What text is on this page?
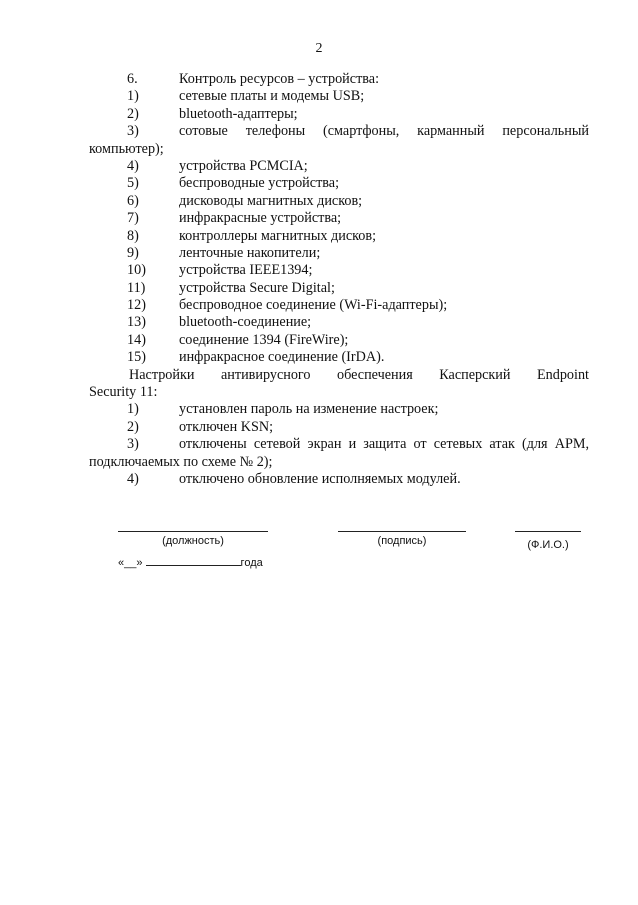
2
6.	Контроль ресурсов – устройства:
1)	сетевые платы и модемы USB;
2)	bluetooth-адаптеры;
3)	сотовые телефоны (смартфоны, карманный персональный
компьютер);
4)	устройства PCMCIA;
5)	беспроводные устройства;
6)	дисководы магнитных дисков;
7)	инфракрасные устройства;
8)	контроллеры магнитных дисков;
9)	ленточные накопители;
10)	устройства IEEE1394;
11)	устройства Secure Digital;
12)	беспроводное соединение (Wi-Fi-адаптеры);
13)	bluetooth-соединение;
14)	соединение 1394 (FireWire);
15)	инфракрасное соединение (IrDA).
Настройки антивирусного обеспечения Касперский Endpoint
Security 11:
1)	установлен пароль на изменение настроек;
2)	отключен KSN;
3)	отключены сетевой экран и защита от сетевых атак (для АРМ,
подключаемых по схеме № 2);
4)	отключено обновление исполняемых модулей.
(должность)	(подпись)	(Ф.И.О.)
«__»	года
